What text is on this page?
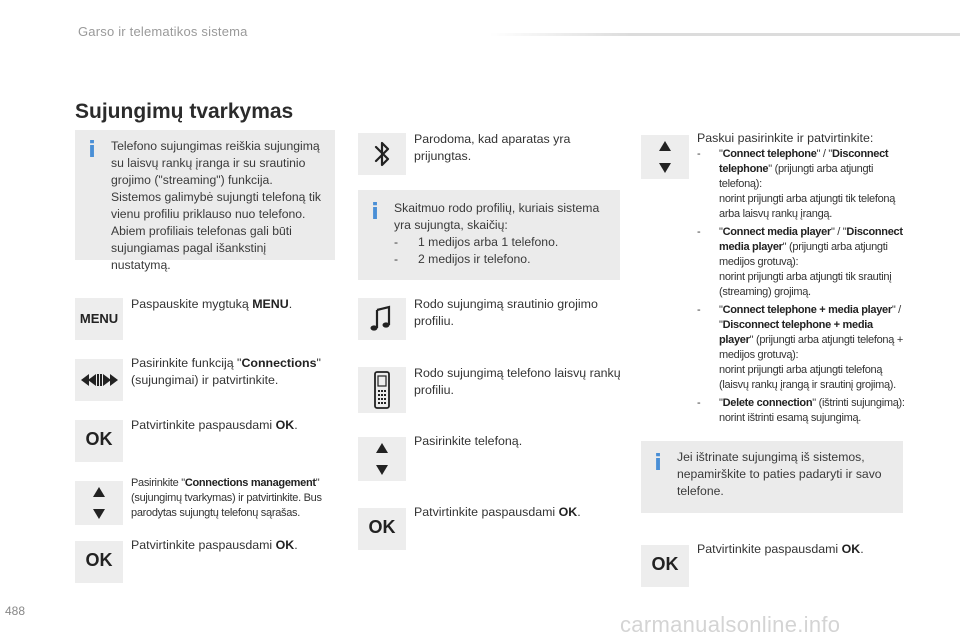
Garso ir telematikos sistema
Sujungimų tvarkymas
i Telefono sujungimas reiškia sujungimą su laisvų rankų įranga ir su srautinio grojimo ("streaming") funkcija.
Sistemos galimybė sujungti telefoną tik vienu profiliu priklauso nuo telefono. Abiem profiliais telefonas gali būti sujungiamas pagal išankstinį nustatymą.
MENU
Paspauskite mygtuką MENU.
Pasirinkite funkciją "Connections" (sujungimai) ir patvirtinkite.
OK
Patvirtinkite paspausdami OK.
Pasirinkite "Connections management" (sujungimų tvarkymas) ir patvirtinkite. Bus parodytas sujungtų telefonų sąrašas.
OK
Patvirtinkite paspausdami OK.
Parodoma, kad aparatas yra prijungtas.
i Skaitmuo rodo profilių, kuriais sistema yra sujungta, skaičių:
- 1 medijos arba 1 telefono.
- 2 medijos ir telefono.
Rodo sujungimą srautinio grojimo profiliu.
Rodo sujungimą telefono laisvų rankų profiliu.
Pasirinkite telefoną.
OK
Patvirtinkite paspausdami OK.
Paskui pasirinkite ir patvirtinkite:
- "Connect telephone" / "Disconnect telephone" (prijungti arba atjungti telefoną):
norint prijungti arba atjungti tik telefoną arba laisvų rankų įrangą.
- "Connect media player" / "Disconnect media player" (prijungti arba atjungti medijos grotuvą):
norint prijungti arba atjungti tik srautinį (streaming) grojimą.
- "Connect telephone + media player" / "Disconnect telephone + media player" (prijungti arba atjungti telefoną + medijos grotuvą):
norint prijungti arba atjungti telefoną (laisvų rankų įrangą ir srautinį grojimą).
- "Delete connection" (ištrinti sujungimą):
norint ištrinti esamą sujungimą.
i Jei ištrinate sujungimą iš sistemos, nepamirškite to paties padaryti ir savo telefone.
OK
Patvirtinkite paspausdami OK.
488
carmanualsonline.info
